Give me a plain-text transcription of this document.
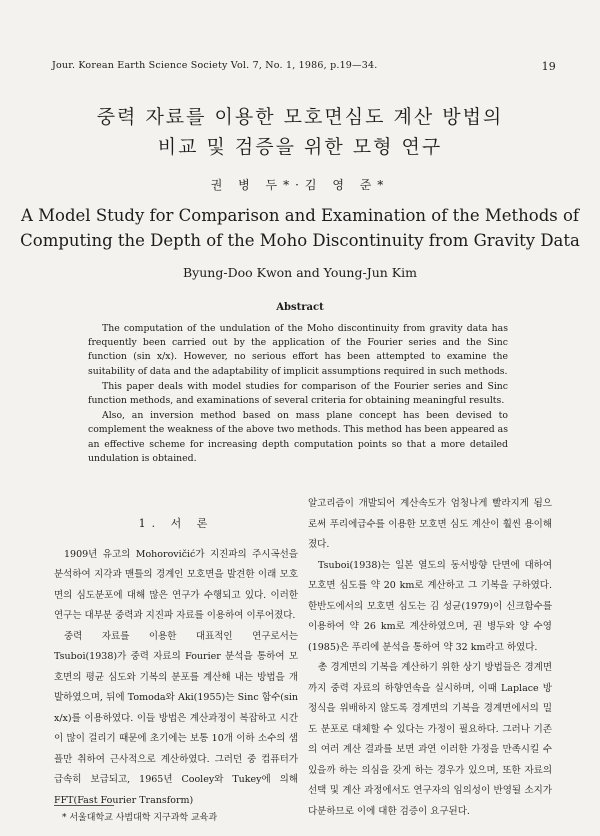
Jour. Korean Earth Science Society Vol. 7, No. 1, 1986, p.19—34.	19
중력 자료를 이용한 모호면심도 계산 방법의
비교 및 검증을 위한 모형 연구
권 병 두*·김 영 준*
A Model Study for Comparison and Examination of the Methods of
Computing the Depth of the Moho Discontinuity from Gravity Data
Byung-Doo Kwon and Young-Jun Kim
Abstract

The computation of the undulation of the Moho discontinuity from gravity data has frequently been carried out by the application of the Fourier series and the Sinc function (sin x/x). However, no serious effort has been attempted to examine the suitability of data and the adaptability of implicit assumptions required in such methods.

This paper deals with model studies for comparison of the Fourier series and Sinc function methods, and examinations of several criteria for obtaining meaningful results.

Also, an inversion method based on mass plane concept has been devised to complement the weakness of the above two methods. This method has been appeared as an effective scheme for increasing depth computation points so that a more detailed undulation is obtained.

1. 서 론

1909년 유고의 Mohorovičić가 지진파의 주시곡선을 분석하여 지각과 맨틀의 경계인 모호면을 발견한 이래 모호면의 심도분포에 대해 많은 연구가 수행되고 있다. 이러한 연구는 대부분 중력과 지진파 자료를 이용하여 이루어졌다.

중력 자료를 이용한 대표적인 연구로서는 Tsuboi(1938)가 중력 자료의 Fourier 분석을 통하여 모호면의 평균 심도와 기복의 분포를 계산해 내는 방법을 개발하였으며, 뒤에 Tomoda와 Aki(1955)는 Sinc 함수(sin x/x)를 이용하였다. 이들 방법은 계산과정이 복잡하고 시간이 많이 걸리기 때문에 초기에는 보통 10개 이하 소수의 샘플만 취하여 근사적으로 계산하였다. 그러던 중 컴퓨터가 급속히 보급되고, 1965년 Cooley와 Tukey에 의해 FFT(Fast Fourier Transform)

알고리즘이 개발되어 계산속도가 엄청나게 빨라지게 됨으로써 푸리에급수를 이용한 모호면 심도 계산이 훨씬 용이해졌다.

Tsuboi(1938)는 일본 열도의 동서방향 단면에 대하여 모호면 심도를 약 20 km로 계산하고 그 기복을 구하였다. 한반도에서의 모호면 심도는 김 성균(1979)이 신크함수를 이용하여 약 26 km로 계산하였으며, 권 병두와 양 수영(1985)은 푸리에 분석을 통하여 약 32 km라고 하였다.

총 경계면의 기복을 계산하기 위한 상기 방법들은 경계면까지 중력 자료의 하향연속을 실시하며, 이때 Laplace 방정식을 위배하지 않도록 경계면의 기복을 경계면에서의 밀도 분포로 대체할 수 있다는 가정이 필요하다. 그러나 기존의 여러 계산 결과를 보면 과연 이러한 가정을 만족시킬 수 있을까 하는 의심을 갖게 하는 경우가 있으며, 또한 자료의 선택 및 계산 과정에서도 연구자의 임의성이 반영될 소지가 다분하므로 이에 대한 검증이 요구된다.

* 서울대학교 사범대학 지구과학 교육과
